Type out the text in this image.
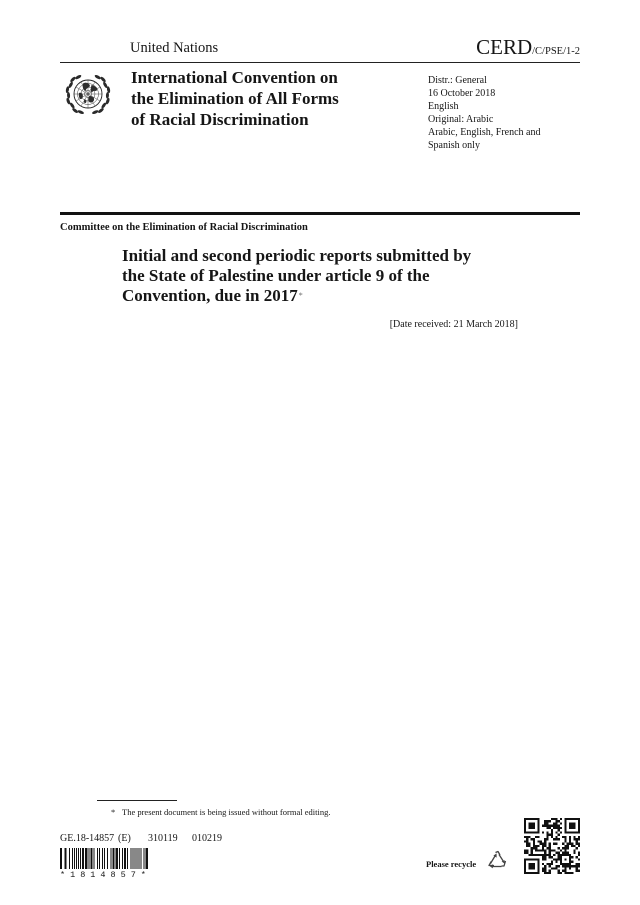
United Nations	CERD/C/PSE/1-2
International Convention on
the Elimination of All Forms
of Racial Discrimination
Distr.: General
16 October 2018
English
Original: Arabic
Arabic, English, French and
Spanish only
Committee on the Elimination of Racial Discrimination
Initial and second periodic reports submitted by
the State of Palestine under article 9 of the
Convention, due in 2017*
[Date received: 21 March 2018]
* The present document is being issued without formal editing.
GE.18-14857 (E) 310119 010219
*1814857*
Please recycle
